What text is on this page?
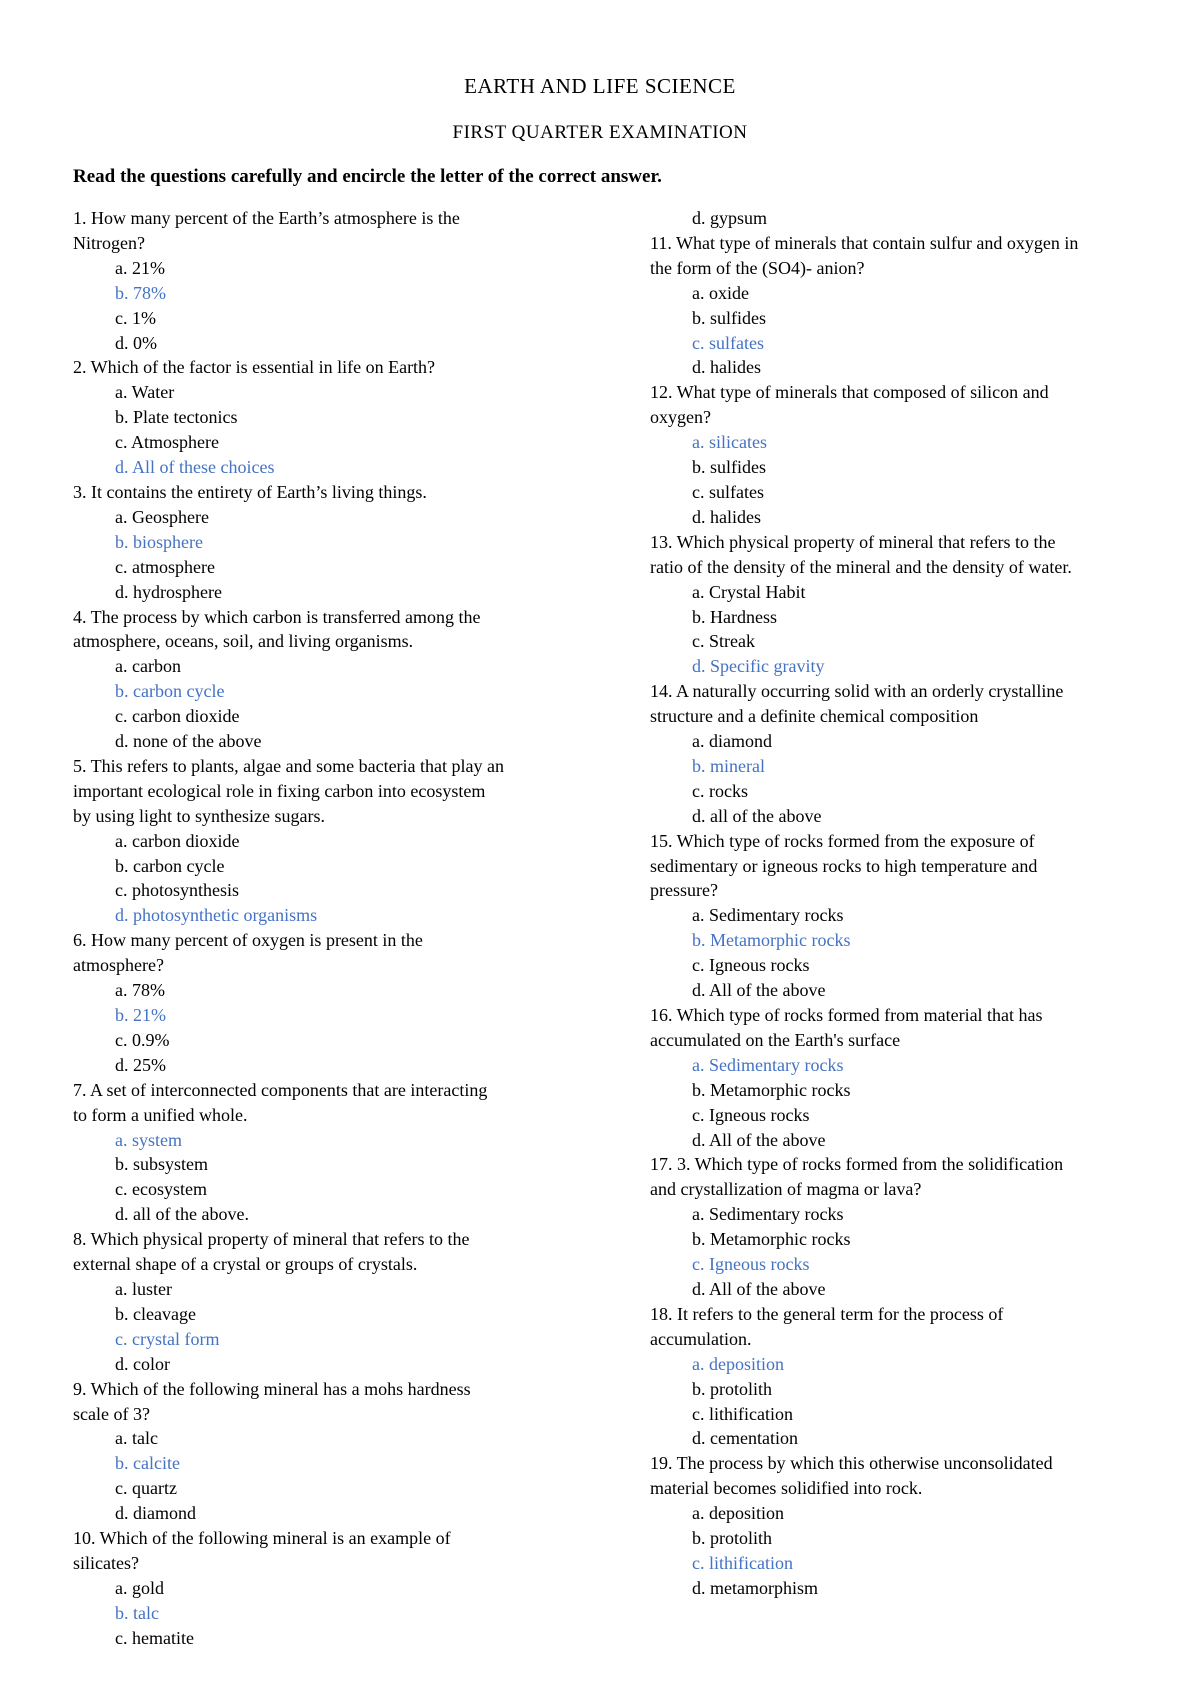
EARTH AND LIFE SCIENCE
FIRST QUARTER EXAMINATION
Read the questions carefully and encircle the letter of the correct answer.
1. How many percent of the Earth’s atmosphere is the
Nitrogen?
a. 21%
b. 78%
c. 1%
d. 0%
2. Which of the factor is essential in life on Earth?
a. Water
b. Plate tectonics
c. Atmosphere
d. All of these choices
3. It contains the entirety of Earth’s living things.
a. Geosphere
b. biosphere
c. atmosphere
d. hydrosphere
4. The process by which carbon is transferred among the
atmosphere, oceans, soil, and living organisms.
a. carbon
b. carbon cycle
c. carbon dioxide
d. none of the above
5. This refers to plants, algae and some bacteria that play an
important ecological role in fixing carbon into ecosystem
by using light to synthesize sugars.
a. carbon dioxide
b. carbon cycle
c. photosynthesis
d. photosynthetic organisms
6. How many percent of oxygen is present in the
atmosphere?
a. 78%
b. 21%
c. 0.9%
d. 25%
7. A set of interconnected components that are interacting
to form a unified whole.
a. system
b. subsystem
c. ecosystem
d. all of the above.
8. Which physical property of mineral that refers to the
external shape of a crystal or groups of crystals.
a. luster
b. cleavage
c. crystal form
d. color
9. Which of the following mineral has a mohs hardness
scale of 3?
a. talc
b. calcite
c. quartz
d. diamond
10. Which of the following mineral is an example of
silicates?
a. gold
b. talc
c. hematite
d. gypsum
11. What type of minerals that contain sulfur and oxygen in
the form of the (SO4)- anion?
a. oxide
b. sulfides
c. sulfates
d. halides
12. What type of minerals that composed of silicon and
oxygen?
a. silicates
b. sulfides
c. sulfates
d. halides
13. Which physical property of mineral that refers to the
ratio of the density of the mineral and the density of water.
a. Crystal Habit
b. Hardness
c. Streak
d. Specific gravity
14. A naturally occurring solid with an orderly crystalline
structure and a definite chemical composition
a. diamond
b. mineral
c. rocks
d. all of the above
15. Which type of rocks formed from the exposure of
sedimentary or igneous rocks to high temperature and
pressure?
a. Sedimentary rocks
b. Metamorphic rocks
c. Igneous rocks
d. All of the above
16. Which type of rocks formed from material that has
accumulated on the Earth's surface
a. Sedimentary rocks
b. Metamorphic rocks
c. Igneous rocks
d. All of the above
17. 3. Which type of rocks formed from the solidification
and crystallization of magma or lava?
a. Sedimentary rocks
b. Metamorphic rocks
c. Igneous rocks
d. All of the above
18. It refers to the general term for the process of
accumulation.
a. deposition
b. protolith
c. lithification
d. cementation
19. The process by which this otherwise unconsolidated
material becomes solidified into rock.
a. deposition
b. protolith
c. lithification
d. metamorphism
